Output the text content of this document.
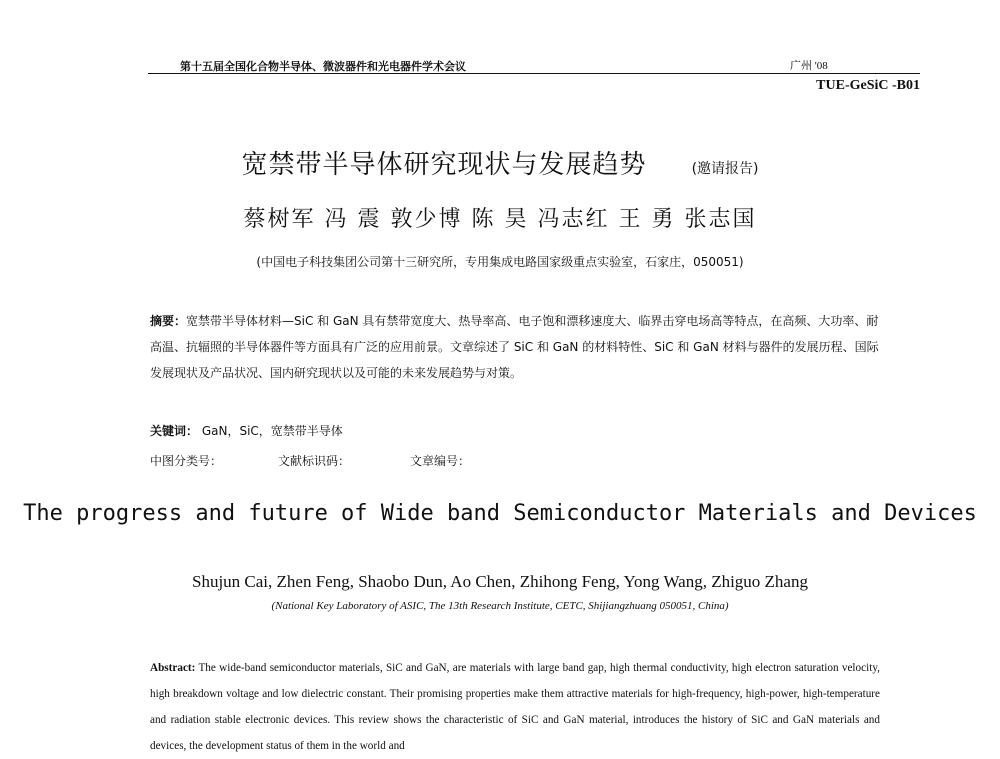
第十五届全国化合物半导体、微波器件和光电器件学术会议	广州 '08
TUE-GeSiC -B01
宽禁带半导体研究现状与发展趋势	(邀请报告)
蔡树军 冯 震 敦少博 陈 昊 冯志红 王 勇 张志国
(中国电子科技集团公司第十三研究所，专用集成电路国家级重点实验室，石家庄，050051)
摘要：宽禁带半导体材料—SiC 和 GaN 具有禁带宽度大、热导率高、电子饱和漂移速度大、临界击穿电场高等特点，在高频、大功率、耐高温、抗辐照的半导体器件等方面具有广泛的应用前景。文章综述了 SiC 和 GaN 的材料特性、SiC 和 GaN 材料与器件的发展历程、国际发展现状及产品状况、国内研究现状以及可能的未来发展趋势与对策。
关键词： GaN，SiC，宽禁带半导体
中图分类号：	文献标识码：	文章编号：
The progress and future of Wide band Semiconductor Materials and Devices
Shujun Cai, Zhen Feng, Shaobo Dun, Ao Chen, Zhihong Feng, Yong Wang, Zhiguo Zhang
(National Key Laboratory of ASIC, The 13th Research Institute, CETC, Shijiangzhuang 050051, China)
Abstract: The wide-band semiconductor materials, SiC and GaN, are materials with large band gap, high thermal conductivity, high electron saturation velocity, high breakdown voltage and low dielectric constant. Their promising properties make them attractive materials for high-frequency, high-power, high-temperature and radiation stable electronic devices. This review shows the characteristic of SiC and GaN material, introduces the history of SiC and GaN materials and devices, the development status of them in the world and
